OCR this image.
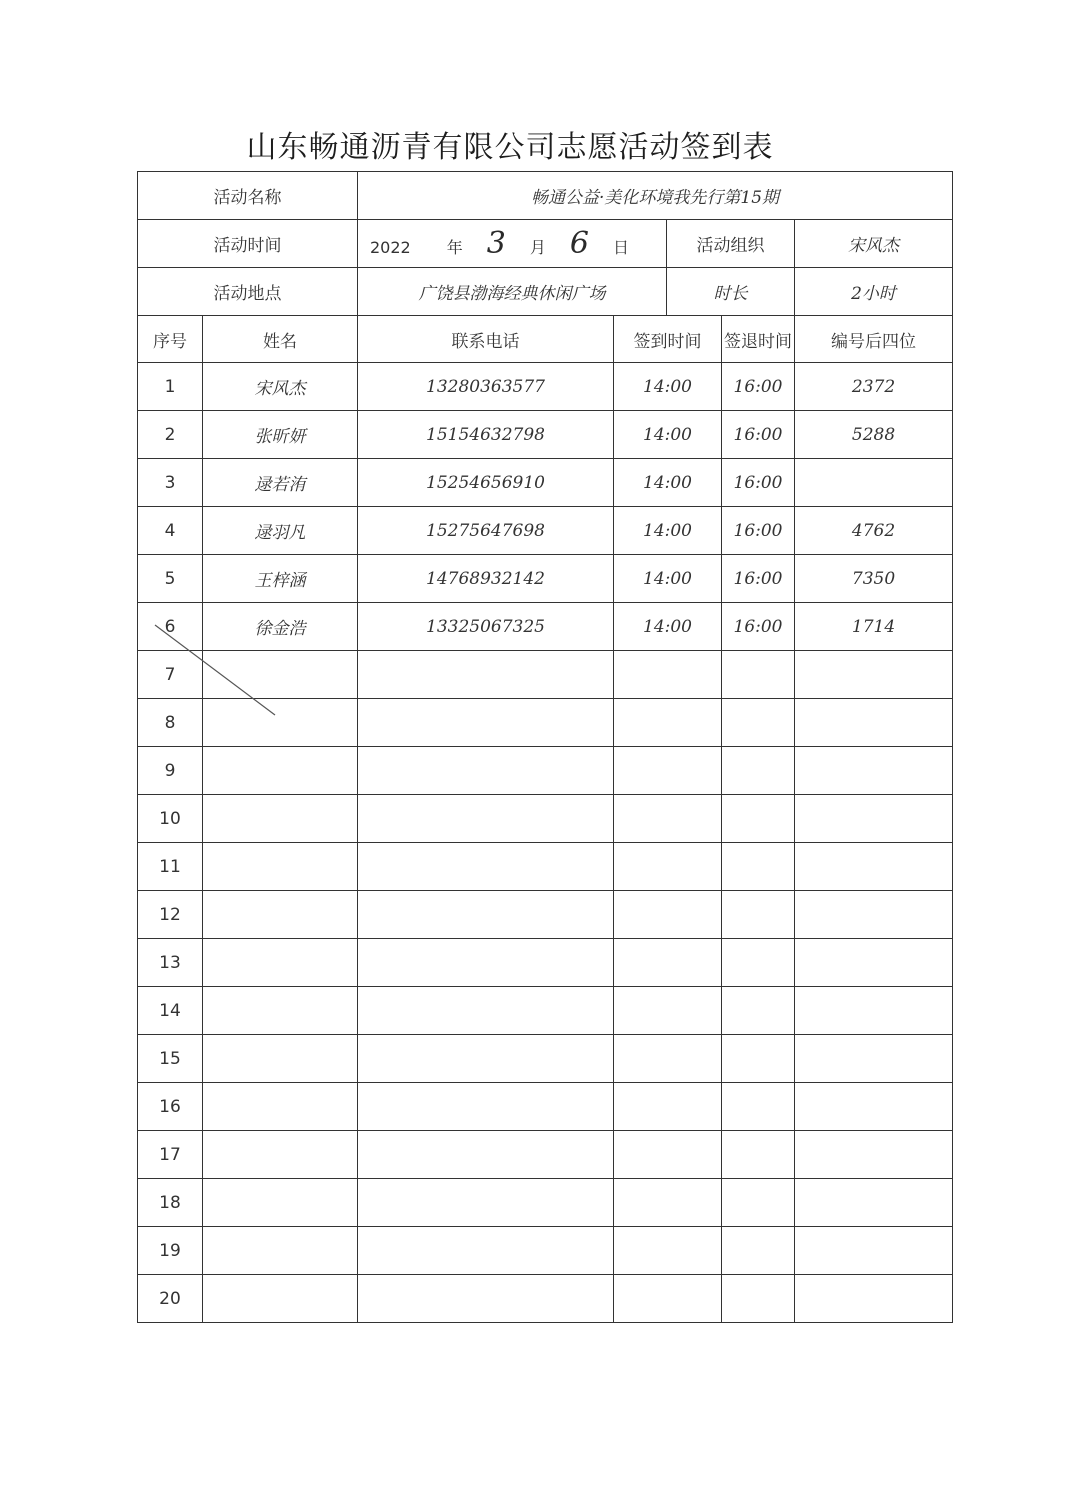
山东畅通沥青有限公司志愿活动签到表
活动名称		畅通公益·美化环境我先行第15期				
活动时间		2022 年 3 月 6 日		活动组织		宋风杰
活动地点		广饶县渤海经典休闲广场		时长		2小时
序号	姓名	联系电话	签到时间		签退时间	编号后四位
1	宋风杰	13280363577	14:00		16:00	2372
2	张昕妍	15154632798	14:00		16:00	5288
3	逯若洧	15254656910	14:00		16:00	
4	逯羽凡	15275647698	14:00		16:00	4762
5	王梓涵	14768932142	14:00		16:00	7350
6	徐金浩	13325067325	14:00		16:00	1714
7						
8						
9						
10						
11						
12						
13						
14						
15						
16						
17						
18						
19						
20						
